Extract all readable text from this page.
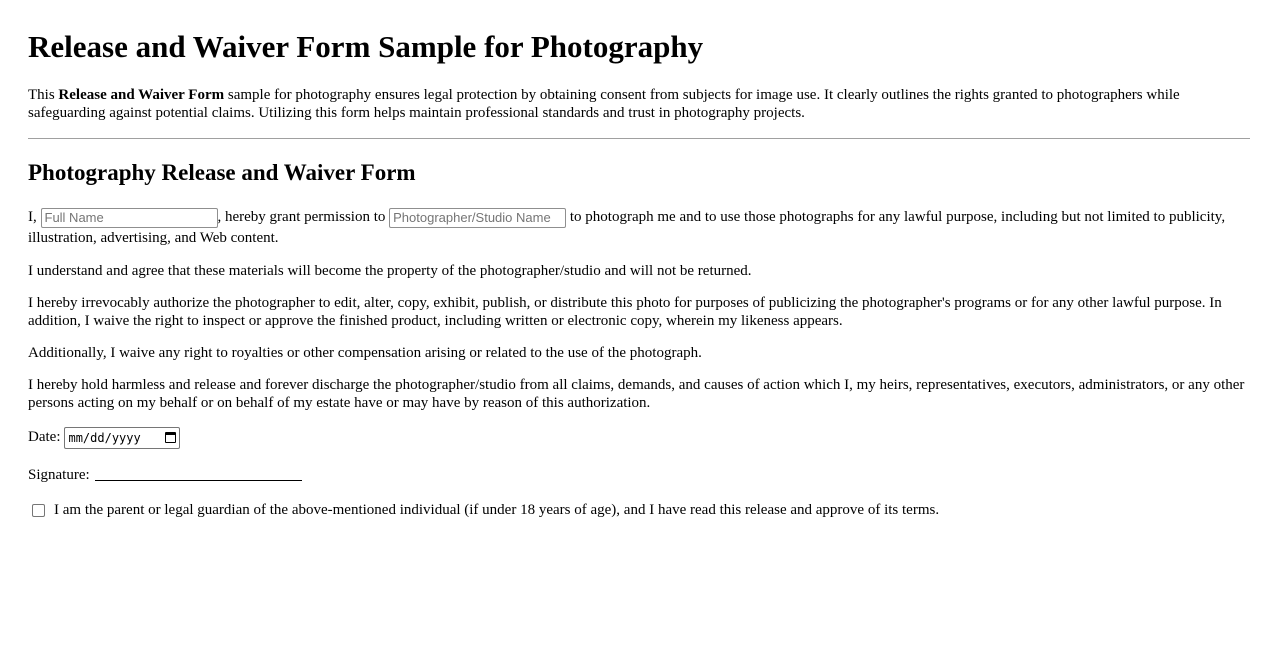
Release and Waiver Form Sample for Photography

This Release and Waiver Form sample for photography ensures legal protection by obtaining consent from subjects for image use. It clearly outlines the rights granted to photographers while safeguarding against potential claims. Utilizing this form helps maintain professional standards and trust in photography projects.

Photography Release and Waiver Form

I, Full Name	, hereby grant permission to Photographer/Studio Name	to photograph me and to use those photographs for any lawful purpose, including but not limited to publicity, illustration, advertising, and Web content.

I understand and agree that these materials will become the property of the photographer/studio and will not be returned.

I hereby irrevocably authorize the photographer to edit, alter, copy, exhibit, publish, or distribute this photo for purposes of publicizing the photographer's programs or for any other lawful purpose. In addition, I waive the right to inspect or approve the finished product, including written or electronic copy, wherein my likeness appears.

Additionally, I waive any right to royalties or other compensation arising or related to the use of the photograph.

I hereby hold harmless and release and forever discharge the photographer/studio from all claims, demands, and causes of action which I, my heirs, representatives, executors, administrators, or any other persons acting on my behalf or on behalf of my estate have or may have by reason of this authorization.

Date: mm/dd/yyyy
Signature:
I am the parent or legal guardian of the above-mentioned individual (if under 18 years of age), and I have read this release and approve of its terms.
